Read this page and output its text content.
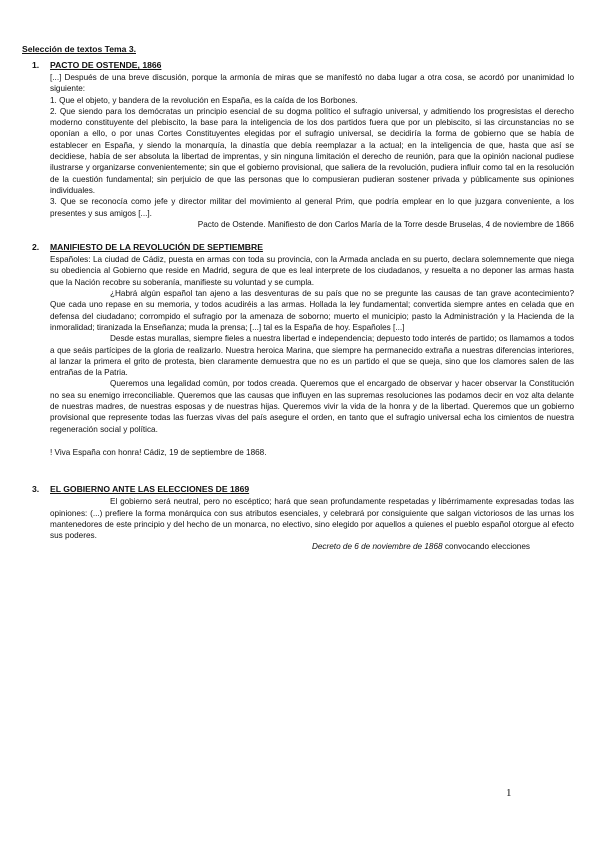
Selección de textos Tema 3.
1. PACTO DE OSTENDE, 1866

[...] Después de una breve discusión, porque la armonía de miras que se manifestó no daba lugar a otra cosa, se acordó por unanimidad lo siguiente:

1. Que el objeto, y bandera de la revolución en España, es la caída de los Borbones.

2. Que siendo para los demócratas un principio esencial de su dogma político el sufragio universal, y admitiendo los progresistas el derecho moderno constituyente del plebiscito, la base para la inteligencia de los dos partidos fuera que por un plebiscito, si las circunstancias no se oponían a ello, o por unas Cortes Constituyentes elegidas por el sufragio universal, se decidiría la forma de gobierno que se había de establecer en España, y siendo la monarquía, la dinastía que debía reemplazar a la actual; en la inteligencia de que, hasta que así se decidiese, había de ser absoluta la libertad de imprentas, y sin ninguna limitación el derecho de reunión, para que la opinión nacional pudiese ilustrarse y organizarse convenientemente; sin que el gobierno provisional, que saliera de la revolución, pudiera influir como tal en la resolución de la cuestión fundamental; sin perjuicio de que las personas que lo compusieran pudieran sostener privada y públicamente sus opiniones individuales.

3. Que se reconocía como jefe y director militar del movimiento al general Prim, que podría emplear en lo que juzgara conveniente, a los presentes y sus amigos [...].

Pacto de Ostende. Manifiesto de don Carlos María de la Torre desde Bruselas, 4 de noviembre de 1866

2. MANIFIESTO DE LA REVOLUCIÓN DE SEPTIEMBRE

Españoles: La ciudad de Cádiz, puesta en armas con toda su provincia, con la Armada anclada en su puerto, declara solemnemente que niega su obediencia al Gobierno que reside en Madrid, segura de que es leal interprete de los ciudadanos, y resuelta a no deponer las armas hasta que la Nación recobre su soberanía, manifieste su voluntad y se cumpla.

¿Habrá algún español tan ajeno a las desventuras de su país que no se pregunte las causas de tan grave acontecimiento? Que cada uno repase en su memoria, y todos acudiréis a las armas. Hollada la ley fundamental; convertida siempre antes en celada que en defensa del ciudadano; corrompido el sufragio por la amenaza de soborno; muerto el municipio; pasto la Administración y la Hacienda de la inmoralidad; tiranizada la Enseñanza; muda la prensa; [...] tal es la España de hoy. Españoles [...]

Desde estas murallas, siempre fieles a nuestra libertad e independencia; depuesto todo interés de partido; os llamamos a todos a que seáis partícipes de la gloria de realizarlo. Nuestra heroica Marina, que siempre ha permanecido extraña a nuestras diferencias interiores, al lanzar la primera el grito de protesta, bien claramente demuestra que no es un partido el que se queja, sino que los clamores salen de las entrañas de la Patria.

Queremos una legalidad común, por todos creada. Queremos que el encargado de observar y hacer observar la Constitución no sea su enemigo irreconciliable. Queremos que las causas que influyen en las supremas resoluciones las podamos decir en voz alta delante de nuestras madres, de nuestras esposas y de nuestras hijas. Queremos vivir la vida de la honra y de la libertad. Queremos que un gobierno provisional que represente todas las fuerzas vivas del país asegure el orden, en tanto que el sufragio universal echa los cimientos de nuestra regeneración social y política.

! Viva España con honra! Cádiz, 19 de septiembre de 1868.

3. EL GOBIERNO ANTE LAS ELECCIONES DE 1869

El gobierno será neutral, pero no escéptico; hará que sean profundamente respetadas y libérrimamente expresadas todas las opiniones: (...) prefiere la forma monárquica con sus atributos esenciales, y celebrará por consiguiente que salgan victoriosos de las urnas los mantenedores de este principio y del hecho de un monarca, no electivo, sino elegido por aquellos a quienes el pueblo español otorgue al efecto sus poderes.

Decreto de 6 de noviembre de 1868 convocando elecciones

1
